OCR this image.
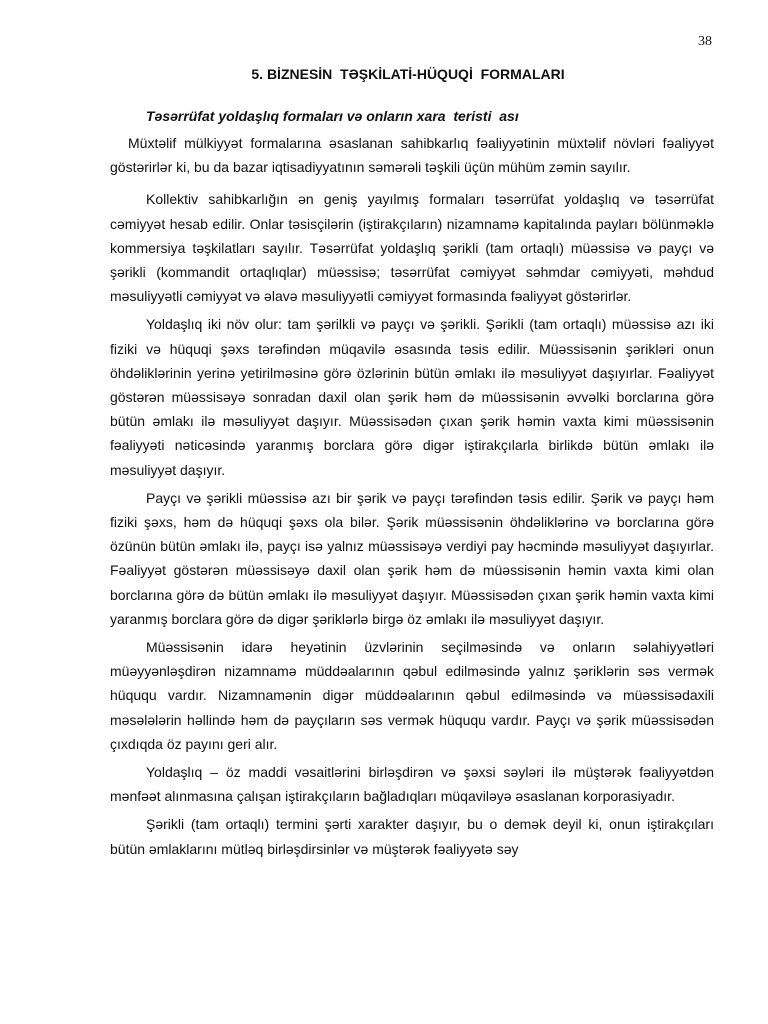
38
5. BİZNESİN  TƏŞKİLATİ-HÜQUQİ  FORMALARI
Təsərrüfat yoldaşlıq formaları və onların xara  teristi  ası

Müxtəlif mülkiyyət formalarına əsaslanan sahibkarlıq fəaliyyətinin müxtəlif növləri fəaliyyət göstərirlər ki, bu da bazar iqtisadiyyatının səmərəli təşkili üçün mühüm zəmin sayılır.

Kollektiv sahibkarlığın ən geniş yayılmış formaları təsərrüfat yoldaşlıq və təsərrüfat cəmiyyət hesab edilir. Onlar təsisçilərin (iştirakçıların) nizamnamə kapitalında payları bölünməklə kommersiya təşkilatları sayılır. Təsərrüfat yoldaşlıq şərikli (tam ortaqlı) müəssisə və payçı və şərikli (kommandit ortaqlıqlar) müəssisə; təsərrüfat cəmiyyət səhmdar cəmiyyəti, məhdud məsuliyyətli cəmiyyət və əlavə məsuliyyətli cəmiyyət formasında fəaliyyət göstərirlər.

Yoldaşlıq iki növ olur: tam şərilkli və payçı və şərikli. Şərikli (tam ortaqlı) müəssisə azı iki fiziki və hüquqi şəxs tərəfindən müqavilə əsasında təsis edilir. Müəssisənin şərikləri onun öhdəliklərinin yerinə yetirilməsinə görə özlərinin bütün əmlakı ilə məsuliyyət daşıyırlar. Fəaliyyət göstərən müəssisəyə sonradan daxil olan şərik həm də müəssisənin əvvəlki borclarına görə bütün əmlakı ilə məsuliyyət daşıyır. Müəssisədən çıxan şərik həmin vaxta kimi müəssisənin fəaliyyəti nəticəsində yaranmış borclara görə digər iştirakçılarla birlikdə bütün əmlakı ilə məsuliyyət daşıyır.

Payçı və şərikli müəssisə azı bir şərik və payçı tərəfindən təsis edilir. Şərik və payçı həm fiziki şəxs, həm də hüquqi şəxs ola bilər. Şərik müəssisənin öhdəliklərinə və borclarına görə özünün bütün əmlakı ilə, payçı isə yalnız müəssisəyə verdiyi pay həcmində məsuliyyət daşıyırlar. Fəaliyyət göstərən müəssisəyə daxil olan şərik həm də müəssisənin həmin vaxta kimi olan borclarına görə də bütün əmlakı ilə məsuliyyət daşıyır. Müəssisədən çıxan şərik həmin vaxta kimi yaranmış borclara görə də digər şəriklərlə birgə öz əmlakı ilə məsuliyyət daşıyır.

Müəssisənin idarə heyətinin üzvlərinin seçilməsində və onların səlahiyyətləri müəyyənləşdirən nizamnamə müddəalarının qəbul edilməsində yalnız şəriklərin səs vermək hüququ vardır. Nizamnamənin digər müddəalarının qəbul edilməsində və müəssisədaxili məsələlərin həllində həm də payçıların səs vermək hüququ vardır. Payçı və şərik müəssisədən çıxdıqda öz payını geri alır.

Yoldaşlıq – öz maddi vəsaitlərini birləşdirən və şəxsi səyləri ilə müştərək fəaliyyətdən mənfəət alınmasına çalışan iştirakçıların bağladıqları müqaviləyə əsaslanan korporasiyadır.

Şərikli (tam ortaqlı) termini şərti xarakter daşıyır, bu o demək deyil ki, onun iştirakçıları bütün əmlaklarını mütləq birləşdirsinlər və müştərək fəaliyyətə səy
